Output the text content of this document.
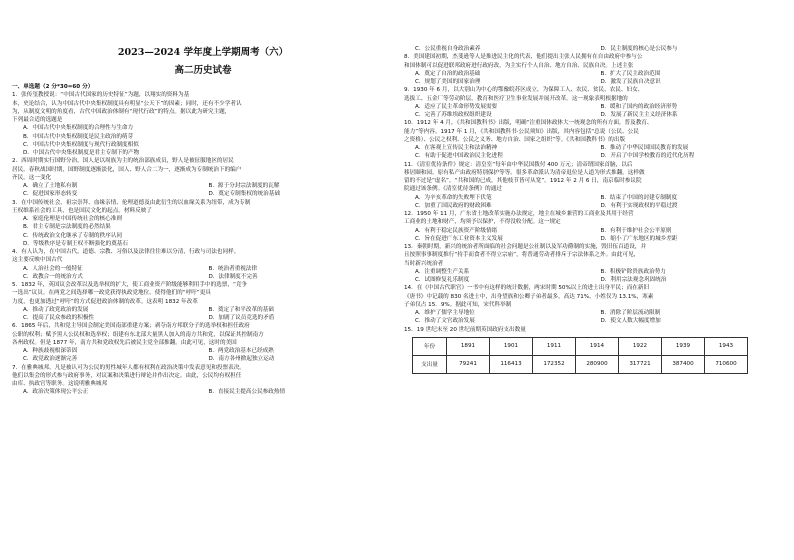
2023—2024 学年度上学期周考（六）
高二历史试卷
一、单选题（2 分*30=60 分）
1．张传玺教授说：“中国古代国家的历史特征”为题，以翔实的资料为基
本，史论结合，认为中国古代中央集权制度具有明显“公天下”的因素；同时，还有不少学者认
为，从制度文明的角度看，古代中国政治体制有“现代行政”的特点。据以此为研究主题，
下列最合适的选题是
A．中国古代中央集权制度的合理性与生命力
B．中国古代中央集权制度是民主政治的萌芽
C．中国古代中央集权制度与现代行政制度相似
D．中国古代中央集权制度是君主专制下的产物
2．西周时期实行国野分治，国人是以周族为主的统治部族成员，野人是被征服地区的居民
居民。春秋战国时期，国野制度逐渐淡化，国人、野人合二为一，逐渐成为专制统治下的编户
齐民。这一变化
A．确立了土地私有制	B．源于分封宗法制度的瓦解
C．促进国家形态转变	D．奠定专制集权的统治基础
3．在中国传统社会，祖宗崇拜、血缘亲情、伦理道德及由此衍生的以血缘关系为纽带，成为专制
王权维系社会的工具，也是国民文化的起点。材料反映了
A．家庭伦理是中国传统社会的核心准则
B．君主专制是宗法制度的必然结果
C．传统政治文化继承了专制的秩序认同
D．等级秩序是专制王权不断强化的奠基石
4．有人认为，在中国古代，道德、宗教、习俗以及法律往往难以分清，行政与司法也同样。
这主要反映中国古代
A．人治社会的一般特征	B．统治者重视法律
C．政教合一的统治方式	D．法律制度不完善
5．1832 年，英国议会改革以及选举权的扩大，使工商业资产阶级能够利用手中的选票，“竞争
一选出”议员。在两党之间选择哪一政党获得执政党地位，使得他们的“呼吁”更具
力度，也更加透过“呼吁”的方式促进政治体制的改革。这表明 1832 年改革
A．推动了政党政治的发展	B．奠定了和平改革的基础
C．提高了民众参政的积极性	D．加剧了议员竞选的矛盾
6．1865 年后，共和党主导国会制定美国南部重建方案；剥夺南方邦联分子的选举权和担任政府
公职的权利；赋予黑人公民权和选举权；组建有东北部大量黑人加入的南方共和党，以保证其控制南方
各州政权。但是 1877 年，南方共和党政权先后被民主党全部推翻。由此可见，这时的美国
A．种族歧视根深蒂固	B．两党政治基本已经成熟
C．政党政治逐渐完善	D．南方各州掀起独立运动
7．在雅典城邦，凡是被认可为公民的男性城年人都有权利在政治决策中发表意见和投票表决。
他们以集会的形式参与政府事务，对议案和决策进行辩论并作出决定。由此，公民均有权担任
由库、执政官等职务。这说明雅典城邦
A．政治决策体现公平公正	B．直接民主提高公民参政热情
C．公民重视自身政治素养	D．民主制度的核心是公民参与
8．美国建国初期，杰斐逊等人是推进民主化的代表，他们提出主张人民拥有在自由政府中参与公
和国体制可以促进联邦政府进行政府改，为主实行个人自治、地方自治、民族自决。上述主张
A．奠定了自治的政治基础	B．扩大了民主政治范围
C．规划了美国的国家治理	D．激发了民族自决意识
9．1930 年 6 月，以大别山为中心的鄂豫皖苏区成立，为保障工人、农民、贫民、农民、妇女、
选拔工、五金厂等劳动阶层，教育和医疗卫生事业发展并展开改革。这一现象表明根据地的
A．适应了民主革命形势发展需要	B．缓和了国内的政治经济形势
C．完善了苏维埃政权组织建设	D．发展了新民主主义经济体系
10．1912 年 4 月，《共和国教科书》出版，明确“注重国体政体大一统观念的所有方面，普及教育、
能力”等内容。1917 年 1 月，《共和国教科书·公民须知》出版，其内容包括“总说（公民、公民
之资格）、公民之权利、公民之义务、地方自治、国家之组织”等。《共和国教科书》的出版
A．在客观上宣传民主和法治精神	B．推动了中华民国国民教育的发展
C．有助于促进中国政治民主化进程	D．开启了中国学校教育的近代化历程
11．《清室优待条件》规定：清皇室“每年由中华民国拨付 400 万元；清帝谓国家首脑，以后
移居颐和园。原有私产由政府特别保护等等。很多革命派认为清帝退位是人道为形式推翻，这样做
留的不过是“虚名”，“共和国的已成，其他枝节皆可从宽”。1912 年 2 月 6 日，南京临时参议院
院通过该条例。《清室优待条例》的通过
A．为辛亥革命的失败埋下伏笔	B．结束了中国的封建专制制度
C．加重了国民政府的财政困难	D．有利于实现政权的平稳过渡
12．1950 年 11 月，广东省土地改革实施办法规定，地主在城乡兼营的工商业及其用于经营
工商业的土地和财产，均须予以保护，不得没收分配。这一规定
A．有利于稳定民族资产阶级情绪	B．有利于维护社会公平原则
C．旨在促进广东工业资本主义发展	D．缩小了广东地区的城乡差距
13．秦朝时期，新兴的统治者所面临的社会问题是公社制以及军功爵制的实施，毁旧伍百道设，并
且按照事事制度推行“持手而食者不得立宗庙”，将普通劳动者排斥于宗法体系之外。由此可见，
当时新兴统治者
A．注重调整生产关系	B．积极铲除贵族政治势力
C．试图修复礼乐制度	D．利用宗法观念巩固统治
14．在《中国古代职官》一书中有这样的统计数据，两宋时期 50%以上的进士出身平民；而在新旧
《唐书》中记载的 830 名进士中，出身望族和公卿子弟者最多，高达 71%，小姓仅为 13.1%，寒素
子弟仅占 15．9%。据此可知，宋代科举制
A．维护了儒学主导地位	B．消除了阶层流动限制
C．推动了文官政治发展	D．使文人数大幅度增加
15．19 世纪末至 20 世纪前期英国政府支出数量
年份	1891	1901	1911	1914	1922	1939	1943
支出量	79241	116413	172352	280900	317721	387400	710600
